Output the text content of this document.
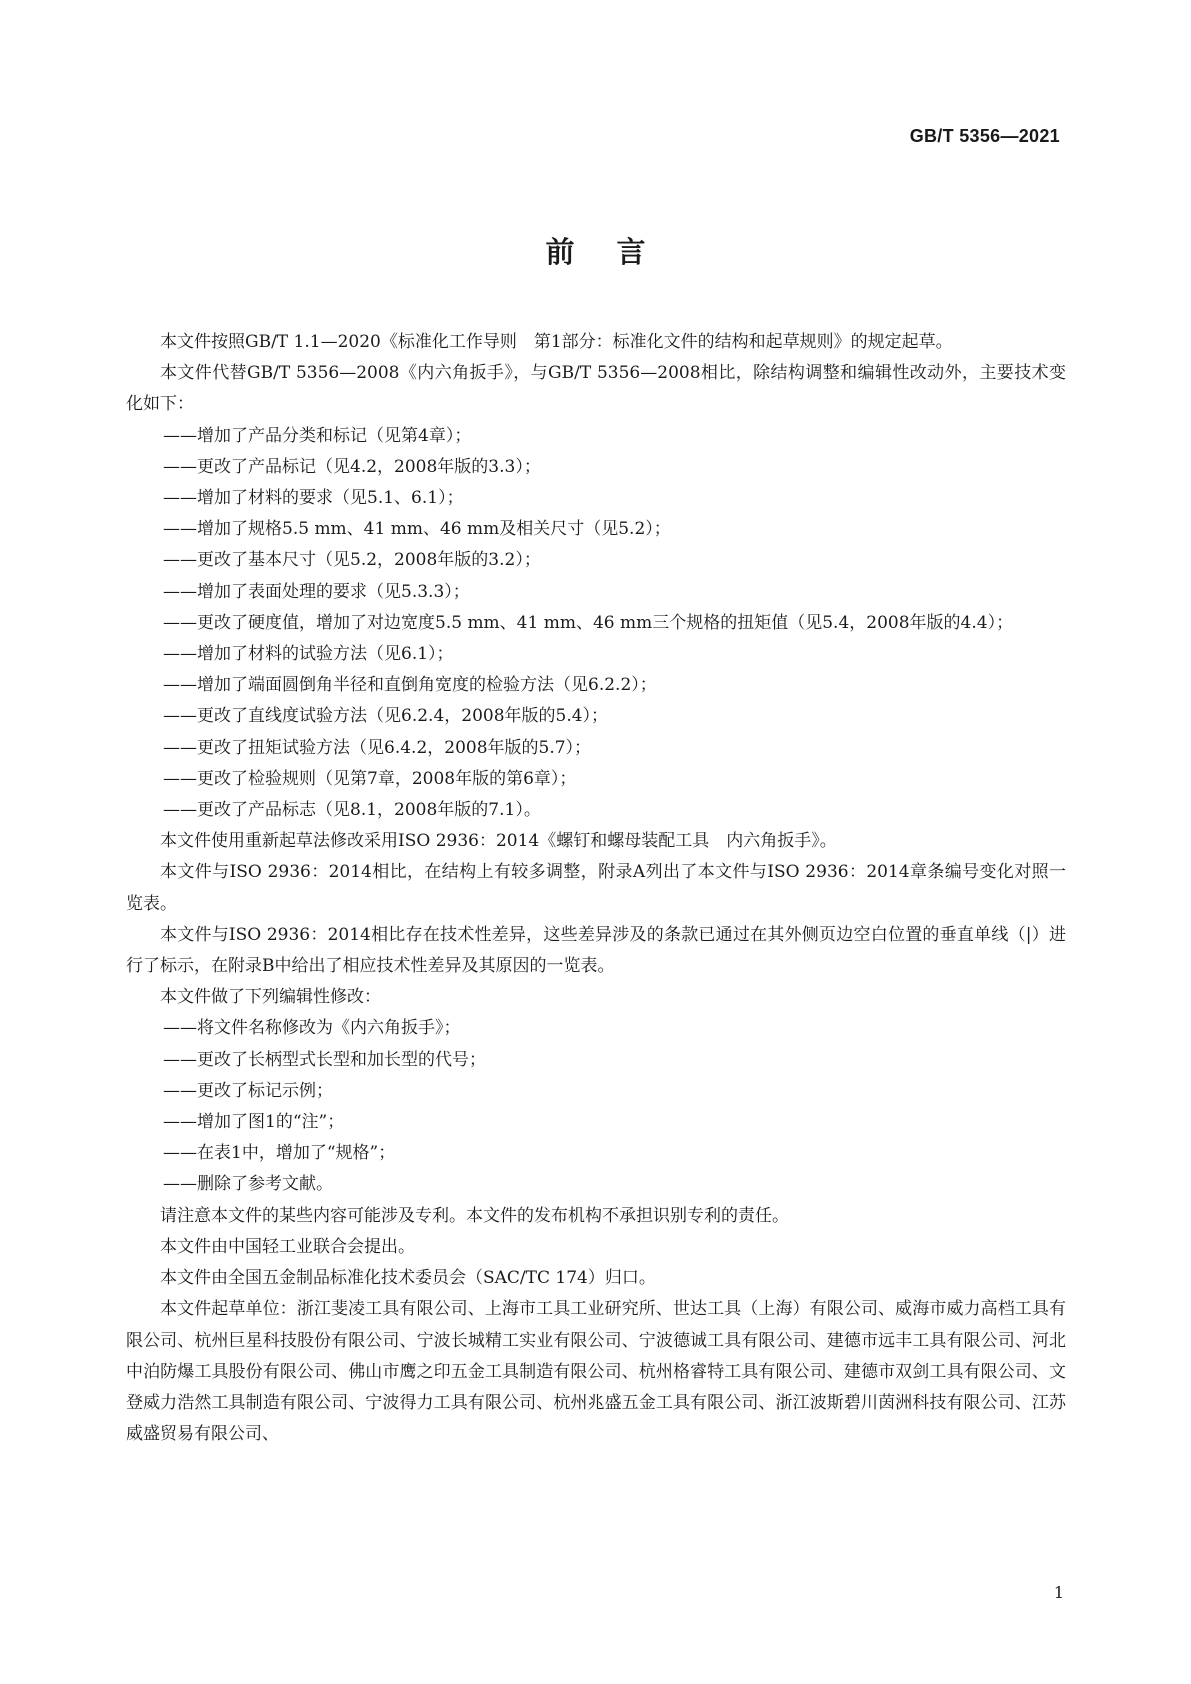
GB/T 5356—2021
前言

本文件按照GB/T 1.1—2020《标准化工作导则　第1部分：标准化文件的结构和起草规则》的规定起草。

本文件代替GB/T 5356—2008《内六角扳手》，与GB/T 5356—2008相比，除结构调整和编辑性改动外，主要技术变化如下：

——增加了产品分类和标记（见第4章）；

——更改了产品标记（见4.2，2008年版的3.3）；

——增加了材料的要求（见5.1、6.1）；

——增加了规格5.5 mm、41 mm、46 mm及相关尺寸（见5.2）；

——更改了基本尺寸（见5.2，2008年版的3.2）；

——增加了表面处理的要求（见5.3.3）；

——更改了硬度值，增加了对边宽度5.5 mm、41 mm、46 mm三个规格的扭矩值（见5.4，2008年版的4.4）；

——增加了材料的试验方法（见6.1）；

——增加了端面圆倒角半径和直倒角宽度的检验方法（见6.2.2）；

——更改了直线度试验方法（见6.2.4，2008年版的5.4）；

——更改了扭矩试验方法（见6.4.2，2008年版的5.7）；

——更改了检验规则（见第7章，2008年版的第6章）；

——更改了产品标志（见8.1，2008年版的7.1）。

本文件使用重新起草法修改采用ISO 2936：2014《螺钉和螺母装配工具　内六角扳手》。

本文件与ISO 2936：2014相比，在结构上有较多调整，附录A列出了本文件与ISO 2936：2014章条编号变化对照一览表。

本文件与ISO 2936：2014相比存在技术性差异，这些差异涉及的条款已通过在其外侧页边空白位置的垂直单线（|）进行了标示，在附录B中给出了相应技术性差异及其原因的一览表。

本文件做了下列编辑性修改：

——将文件名称修改为《内六角扳手》；

——更改了长柄型式长型和加长型的代号；

——更改了标记示例；

——增加了图1的“注”；

——在表1中，增加了“规格”；

——删除了参考文献。

请注意本文件的某些内容可能涉及专利。本文件的发布机构不承担识别专利的责任。

本文件由中国轻工业联合会提出。

本文件由全国五金制品标准化技术委员会（SAC/TC 174）归口。

本文件起草单位：浙江斐凌工具有限公司、上海市工具工业研究所、世达工具（上海）有限公司、威海市威力高档工具有限公司、杭州巨星科技股份有限公司、宁波长城精工实业有限公司、宁波德诚工具有限公司、建德市远丰工具有限公司、河北中泊防爆工具股份有限公司、佛山市鹰之印五金工具制造有限公司、杭州格睿特工具有限公司、建德市双剑工具有限公司、文登威力浩然工具制造有限公司、宁波得力工具有限公司、杭州兆盛五金工具有限公司、浙江波斯碧川茵洲科技有限公司、江苏威盛贸易有限公司、

1
